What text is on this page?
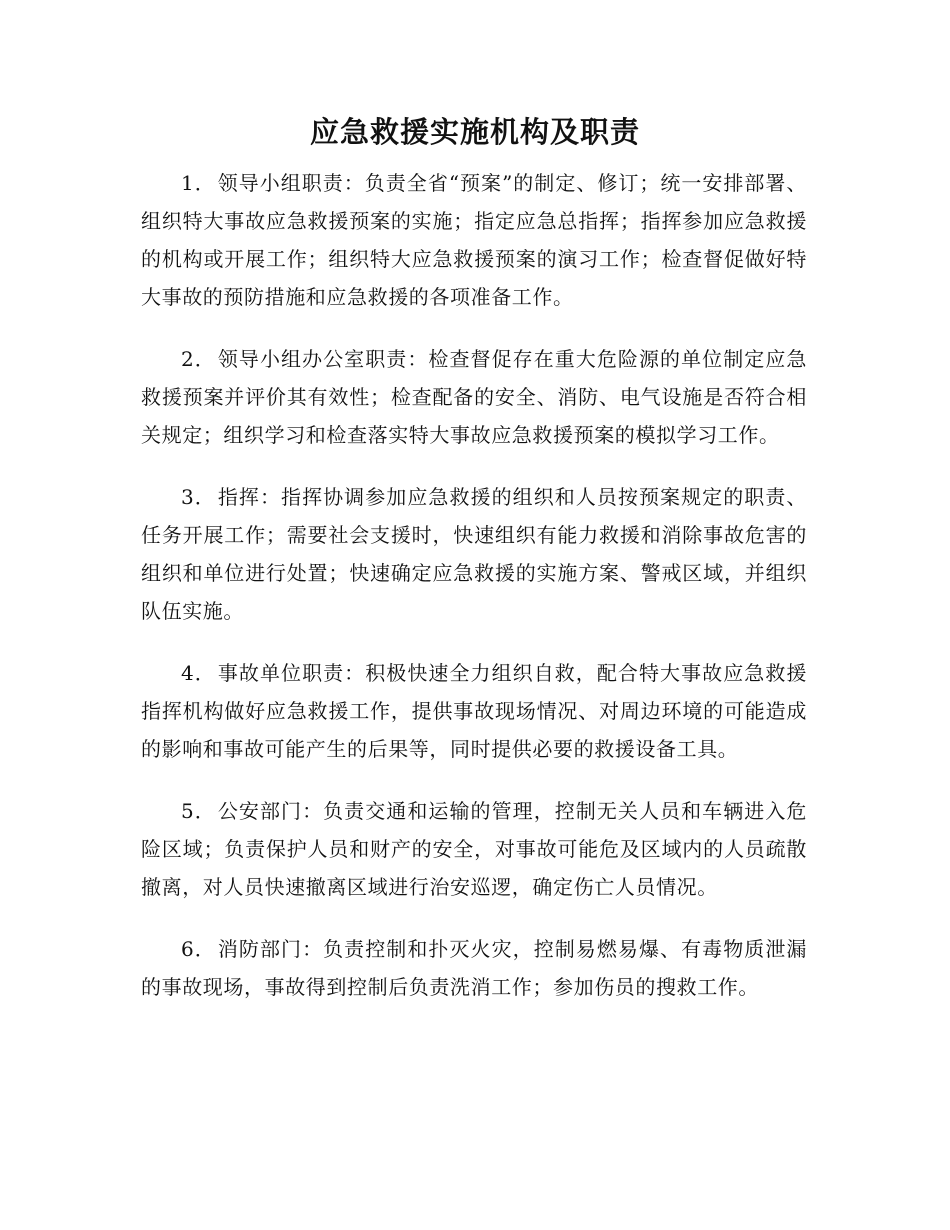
应急救援实施机构及职责

1． 领导小组职责：负责全省“预案”的制定、修订；统一安排部署、组织特大事故应急救援预案的实施；指定应急总指挥；指挥参加应急救援的机构或开展工作；组织特大应急救援预案的演习工作；检查督促做好特大事故的预防措施和应急救援的各项准备工作。

2． 领导小组办公室职责：检查督促存在重大危险源的单位制定应急救援预案并评价其有效性；检查配备的安全、消防、电气设施是否符合相关规定；组织学习和检查落实特大事故应急救援预案的模拟学习工作。

3． 指挥：指挥协调参加应急救援的组织和人员按预案规定的职责、任务开展工作；需要社会支援时，快速组织有能力救援和消除事故危害的组织和单位进行处置；快速确定应急救援的实施方案、警戒区域，并组织队伍实施。

4． 事故单位职责：积极快速全力组织自救，配合特大事故应急救援指挥机构做好应急救援工作，提供事故现场情况、对周边环境的可能造成的影响和事故可能产生的后果等，同时提供必要的救援设备工具。

5． 公安部门：负责交通和运输的管理，控制无关人员和车辆进入危险区域；负责保护人员和财产的安全，对事故可能危及区域内的人员疏散撤离，对人员快速撤离区域进行治安巡逻，确定伤亡人员情况。

6． 消防部门：负责控制和扑灭火灾，控制易燃易爆、有毒物质泄漏的事故现场，事故得到控制后负责洗消工作；参加伤员的搜救工作。
